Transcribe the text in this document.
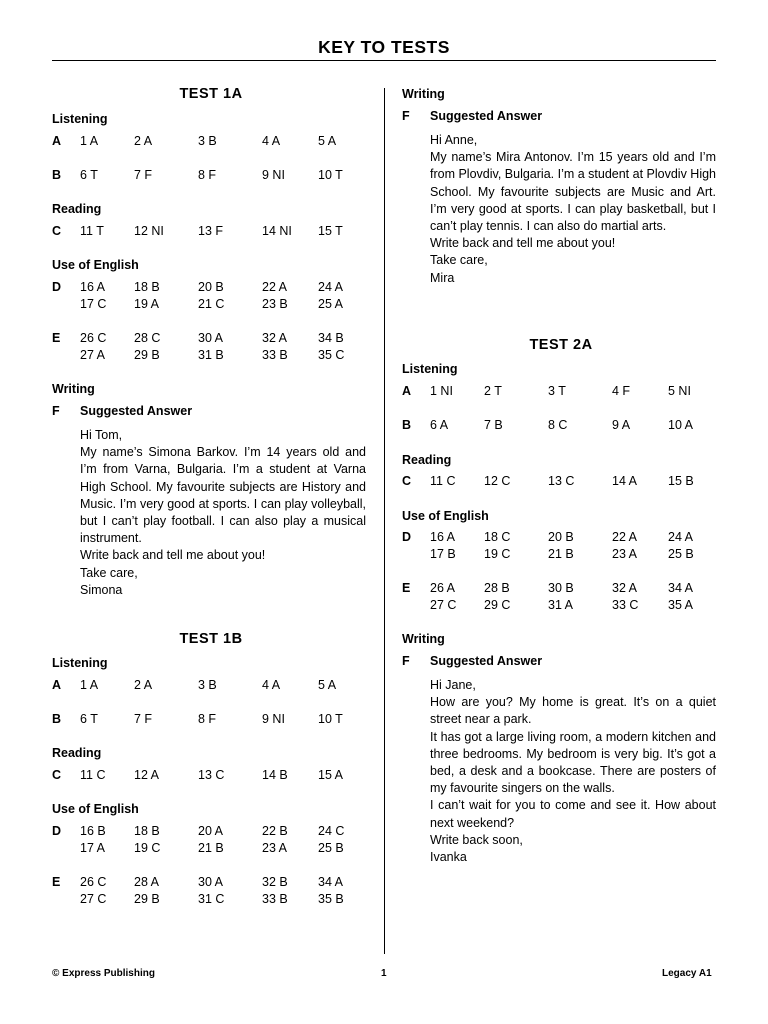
KEY TO TESTS
TEST 1A
Listening
A 1 A	2 A	3 B	4 A	5 A
B 6 T	7 F	8 F	9 NI	10 T
Reading
C 11 T 12 NI	13 F	14 NI 15 T
Use of English
D 16 A 18 B	20 B	22 A 24 A
17 C 19 A	21 C	23 B 25 A
E 26 C 28 C	30 A	32 A 34 B
27 A 29 B	31 B	33 B 35 C
Writing
F Suggested Answer

Hi Tom,

My name’s Simona Barkov. I’m 14 years old and I’m from Varna, Bulgaria. I’m a student at Varna High School. My favourite subjects are History and Music. I’m very good at sports. I can play volleyball, but I can’t play football. I can also play a musical instrument.

Write back and tell me about you!

Take care,

Simona

TEST 1B
Listening
A 1 A	2 A	3 B	4 A	5 A
B 6 T	7 F	8 F	9 NI	10 T
Reading
C 11 C 12 A	13 C	14 B 15 A
Use of English
D 16 B 18 B	20 A	22 B 24 C
17 A 19 C	21 B	23 A 25 B
E 26 C 28 A	30 A	32 B 34 A
27 C 29 B	31 C	33 B 35 B
Writing
F Suggested Answer

Hi Anne,

My name’s Mira Antonov. I’m 15 years old and I’m from Plovdiv, Bulgaria. I’m a student at Plovdiv High School. My favourite subjects are Music and Art. I’m very good at sports. I can play basketball, but I can’t play tennis. I can also do martial arts.

Write back and tell me about you!

Take care,

Mira

TEST 2A
Listening
A 1 NI 2 T	3 T	4 F	5 NI
B 6 A	7 B	8 C	9 A	10 A
Reading
C 11 C 12 C	13 C	14 A 15 B
Use of English
D 16 A 18 C	20 B	22 A 24 A
17 B 19 C	21 B	23 A 25 B
E 26 A 28 B	30 B	32 A 34 A
27 C 29 C	31 A	33 C 35 A
Writing
F Suggested Answer

Hi Jane,

How are you? My home is great. It’s on a quiet street near a park.

It has got a large living room, a modern kitchen and three bedrooms. My bedroom is very big. It’s got a bed, a desk and a bookcase. There are posters of my favourite singers on the walls.

I can’t wait for you to come and see it. How about next weekend?

Write back soon,

Ivanka

© Express Publishing	1	Legacy A1
